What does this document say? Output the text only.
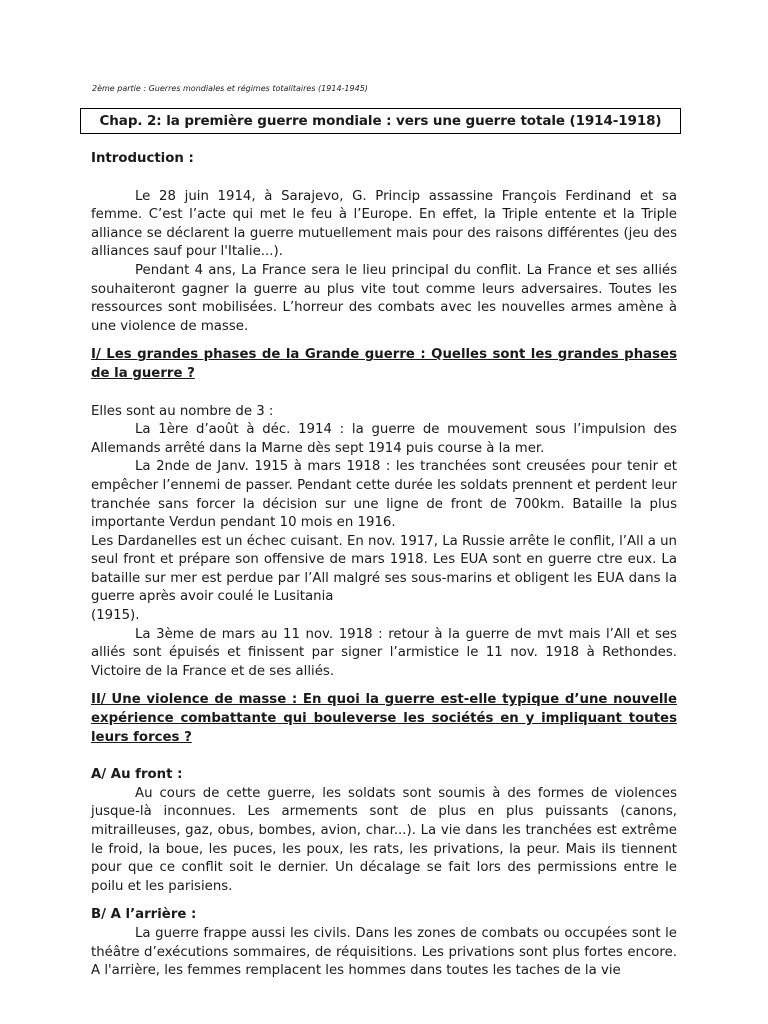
2ème partie : Guerres mondiales et régimes totalitaires (1914-1945)
Chap. 2: la première guerre mondiale : vers une guerre totale (1914-1918)

Introduction :

Le 28 juin 1914, à Sarajevo, G. Princip assassine François Ferdinand et sa femme. C’est l’acte qui met le feu à l’Europe. En effet, la Triple entente et la Triple alliance se déclarent la guerre mutuellement mais pour des raisons différentes (jeu des alliances sauf pour l'Italie...).

Pendant 4 ans, La France sera le lieu principal du conflit. La France et ses alliés souhaiteront gagner la guerre au plus vite tout comme leurs adversaires. Toutes les ressources sont mobilisées. L’horreur des combats avec les nouvelles armes amène à une violence de masse.

I/ Les grandes phases de la Grande guerre : Quelles sont les grandes phases de la guerre ?

Elles sont au nombre de 3 :

La 1ère d’août à déc. 1914 : la guerre de mouvement sous l’impulsion des Allemands arrêté dans la Marne dès sept 1914 puis course à la mer.

La 2nde de Janv. 1915 à mars 1918 : les tranchées sont creusées pour tenir et empêcher l’ennemi de passer. Pendant cette durée les soldats prennent et perdent leur tranchée sans forcer la décision sur une ligne de front de 700km. Bataille la plus importante Verdun pendant 10 mois en 1916.

Les Dardanelles est un échec cuisant. En nov. 1917, La Russie arrête le conflit, l’All a un seul front et prépare son offensive de mars 1918. Les EUA sont en guerre ctre eux. La bataille sur mer est perdue par l’All malgré ses sous-marins et obligent les EUA dans la guerre après avoir coulé le Lusitania

(1915).

La 3ème de mars au 11 nov. 1918 : retour à la guerre de mvt mais l’All et ses alliés sont épuisés et finissent par signer l’armistice le 11 nov. 1918 à Rethondes. Victoire de la France et de ses alliés.

II/ Une violence de masse : En quoi la guerre est-elle typique d’une nouvelle expérience combattante qui bouleverse les sociétés en y impliquant toutes leurs forces ?

A/ Au front :

Au cours de cette guerre, les soldats sont soumis à des formes de violences jusque-là inconnues. Les armements sont de plus en plus puissants (canons, mitrailleuses, gaz, obus, bombes, avion, char...). La vie dans les tranchées est extrême le froid, la boue, les puces, les poux, les rats, les privations, la peur. Mais ils tiennent pour que ce conflit soit le dernier. Un décalage se fait lors des permissions entre le poilu et les parisiens.

B/ A l’arrière :

La guerre frappe aussi les civils. Dans les zones de combats ou occupées sont le théâtre d’exécutions sommaires, de réquisitions. Les privations sont plus fortes encore. A l'arrière, les femmes remplacent les hommes dans toutes les taches de la vie
